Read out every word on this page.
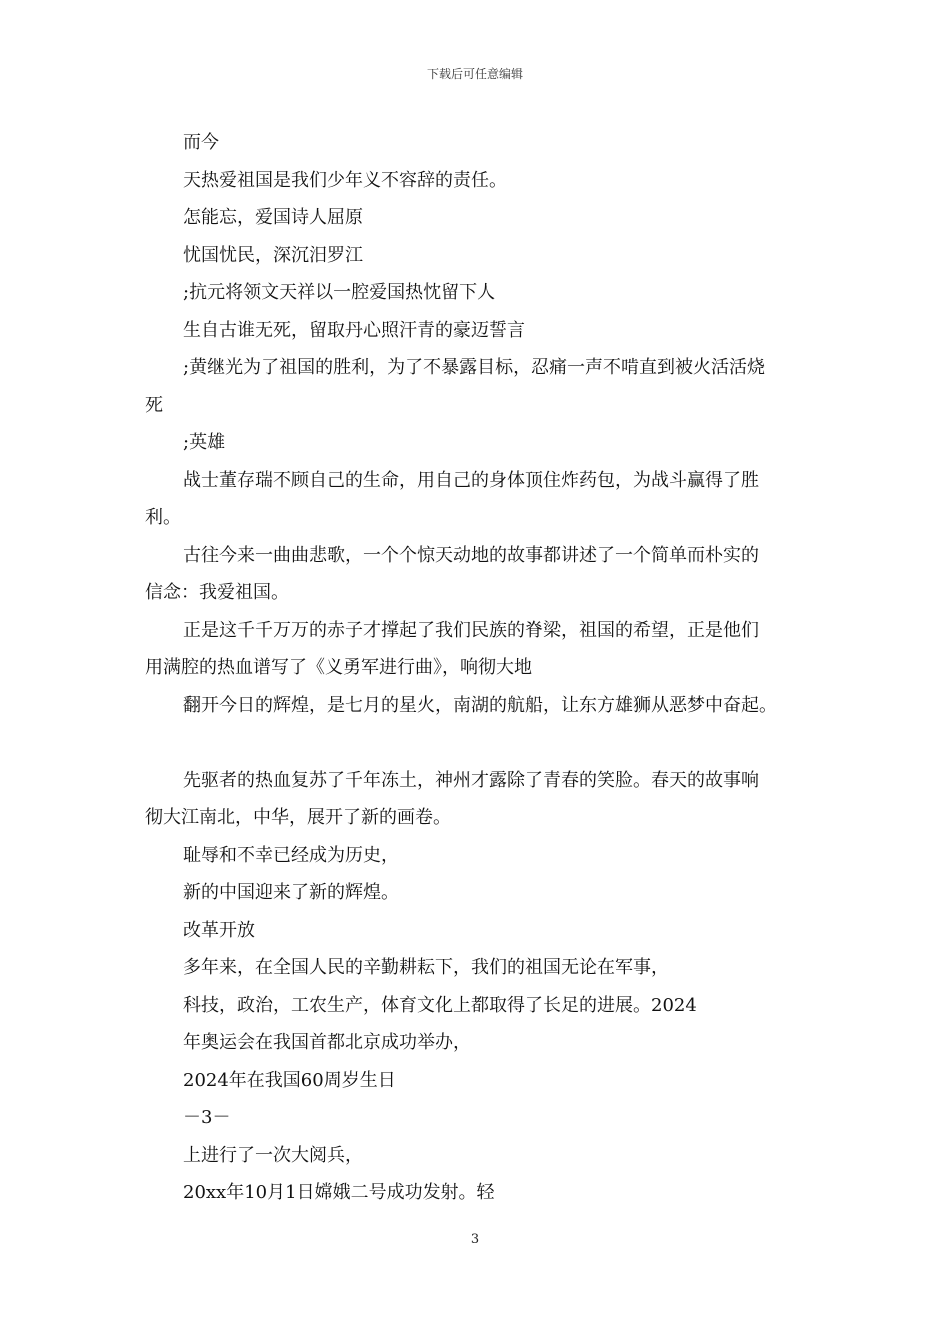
下载后可任意编辑
而今
天热爱祖国是我们少年义不容辞的责任。
怎能忘，爱国诗人屈原
忧国忧民，深沉汨罗江
;抗元将领文天祥以一腔爱国热忱留下人
生自古谁无死，留取丹心照汗青的豪迈誓言
;黄继光为了祖国的胜利，为了不暴露目标，忍痛一声不啃直到被火活活烧
死
;英雄
战士董存瑞不顾自己的生命，用自己的身体顶住炸药包，为战斗赢得了胜
利。
古往今来一曲曲悲歌，一个个惊天动地的故事都讲述了一个简单而朴实的
信念：我爱祖国。
正是这千千万万的赤子才撑起了我们民族的脊梁，祖国的希望，正是他们
用满腔的热血谱写了《义勇军进行曲》，响彻大地
翻开今日的辉煌，是七月的星火，南湖的航船，让东方雄狮从恶梦中奋起。
先驱者的热血复苏了千年冻土，神州才露除了青春的笑脸。春天的故事响
彻大江南北，中华，展开了新的画卷。
耻辱和不幸已经成为历史，
新的中国迎来了新的辉煌。
改革开放
多年来，在全国人民的辛勤耕耘下，我们的祖国无论在军事，
科技，政治，工农生产，体育文化上都取得了长足的进展。2024
年奥运会在我国首都北京成功举办，
2024年在我国60周岁生日
－3－
上进行了一次大阅兵，
20xx年10月1日嫦娥二号成功发射。轻
3
